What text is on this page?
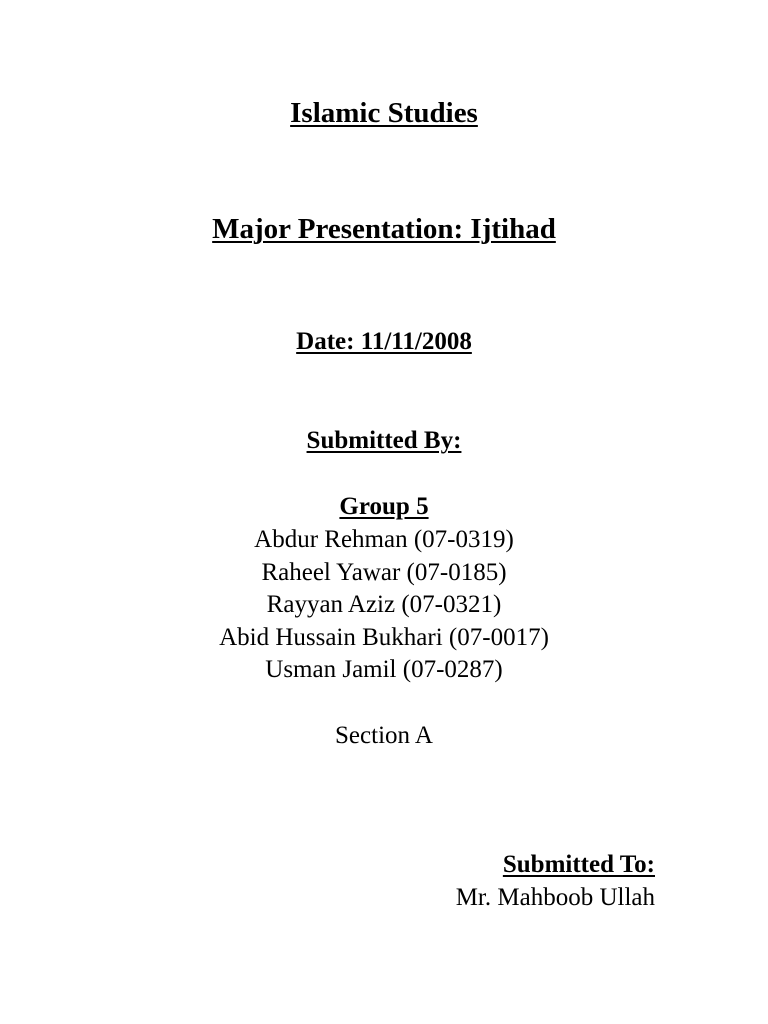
Islamic Studies
Major Presentation: Ijtihad
Date: 11/11/2008
Submitted By:
Group 5
Abdur Rehman (07-0319)
Raheel Yawar (07-0185)
Rayyan Aziz (07-0321)
Abid Hussain Bukhari (07-0017)
Usman Jamil (07-0287)
Section A
Submitted To:
Mr. Mahboob Ullah
